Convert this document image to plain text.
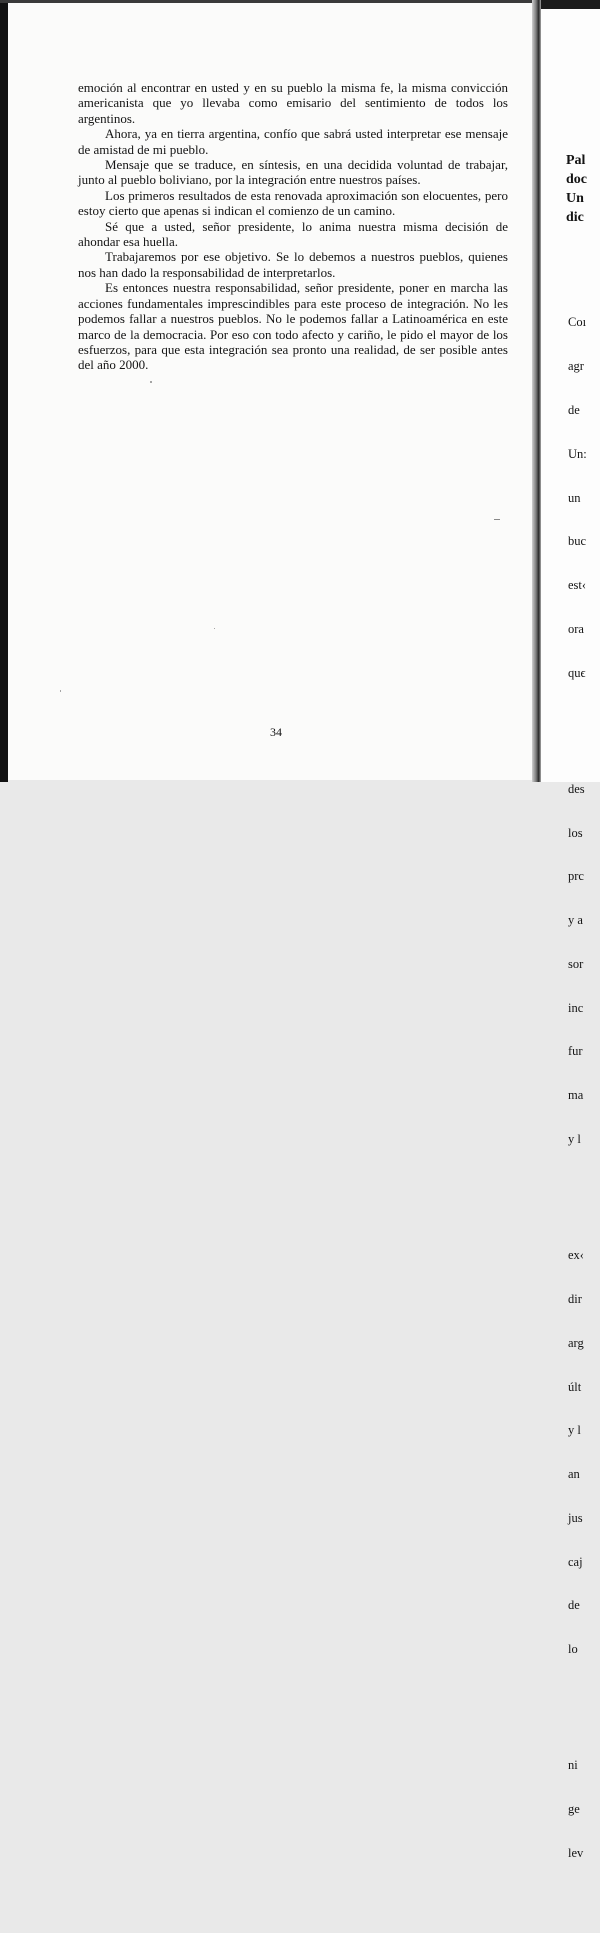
emoción al encontrar en usted y en su pueblo la misma fe, la misma convicción americanista que yo llevaba como emisario del sentimiento de todos los argentinos.

Ahora, ya en tierra argentina, confío que sabrá usted interpretar ese mensaje de amistad de mi pueblo.

Mensaje que se traduce, en síntesis, en una decidida voluntad de trabajar, junto al pueblo boliviano, por la integración entre nuestros países.

Los primeros resultados de esta renovada aproximación son elocuentes, pero estoy cierto que apenas si indican el comienzo de un camino.

Sé que a usted, señor presidente, lo anima nuestra misma decisión de ahondar esa huella.

Trabajaremos por ese objetivo. Se lo debemos a nuestros pueblos, quienes nos han dado la responsabilidad de interpretarlos.

Es entonces nuestra responsabilidad, señor presidente, poner en marcha las acciones fundamentales imprescindibles para este proceso de integración. No les podemos fallar a nuestros pueblos. No le podemos fallar a Latinoamérica en este marco de la democracia. Por eso con todo afecto y cariño, le pido el mayor de los esfuerzos, para que esta integración sea pronto una realidad, de ser posible antes del año 2000.

34
Pal
doc
Un
dic

Coı

agr

de

Un:

un

buc

est‹

ora

quϵ

des

los

prc

y a

sor

inc

fur

ma

y l

ex‹

dir

arg

últ

y l

an

jus

caj

de

lo

ni

ge

lev
